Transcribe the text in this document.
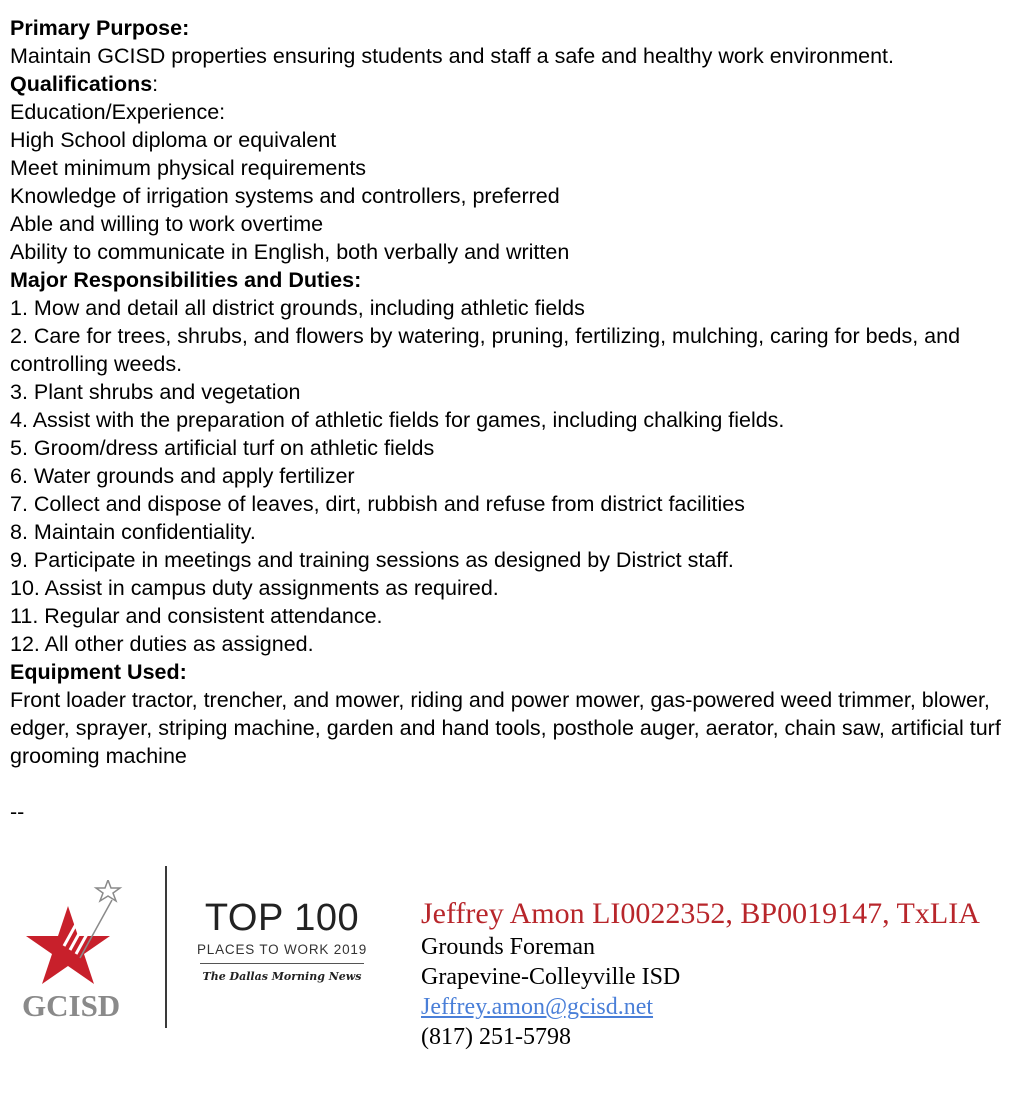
Primary Purpose:
Maintain GCISD properties ensuring students and staff a safe and healthy work environment.
Qualifications:
Education/Experience:
High School diploma or equivalent
Meet minimum physical requirements
Knowledge of irrigation systems and controllers, preferred
Able and willing to work overtime
Ability to communicate in English, both verbally and written
Major Responsibilities and Duties:
1. Mow and detail all district grounds, including athletic fields
2. Care for trees, shrubs, and flowers by watering, pruning, fertilizing, mulching, caring for beds, and controlling weeds.
3. Plant shrubs and vegetation
4. Assist with the preparation of athletic fields for games, including chalking fields.
5. Groom/dress artificial turf on athletic fields
6. Water grounds and apply fertilizer
7. Collect and dispose of leaves, dirt, rubbish and refuse from district facilities
8. Maintain confidentiality.
9. Participate in meetings and training sessions as designed by District staff.
10. Assist in campus duty assignments as required.
11. Regular and consistent attendance.
12. All other duties as assigned.
Equipment Used:
Front loader tractor, trencher, and mower, riding and power mower, gas-powered weed trimmer, blower, edger, sprayer, striping machine, garden and hand tools, posthole auger, aerator, chain saw, artificial turf grooming machine
--
GCISD
TOP 100
PLACES TO WORK 2019
The Dallas Morning News
Jeffrey Amon LI0022352, BP0019147, TxLIA
Grounds Foreman
Grapevine-Colleyville ISD
Jeffrey.amon@gcisd.net
(817) 251-5798
